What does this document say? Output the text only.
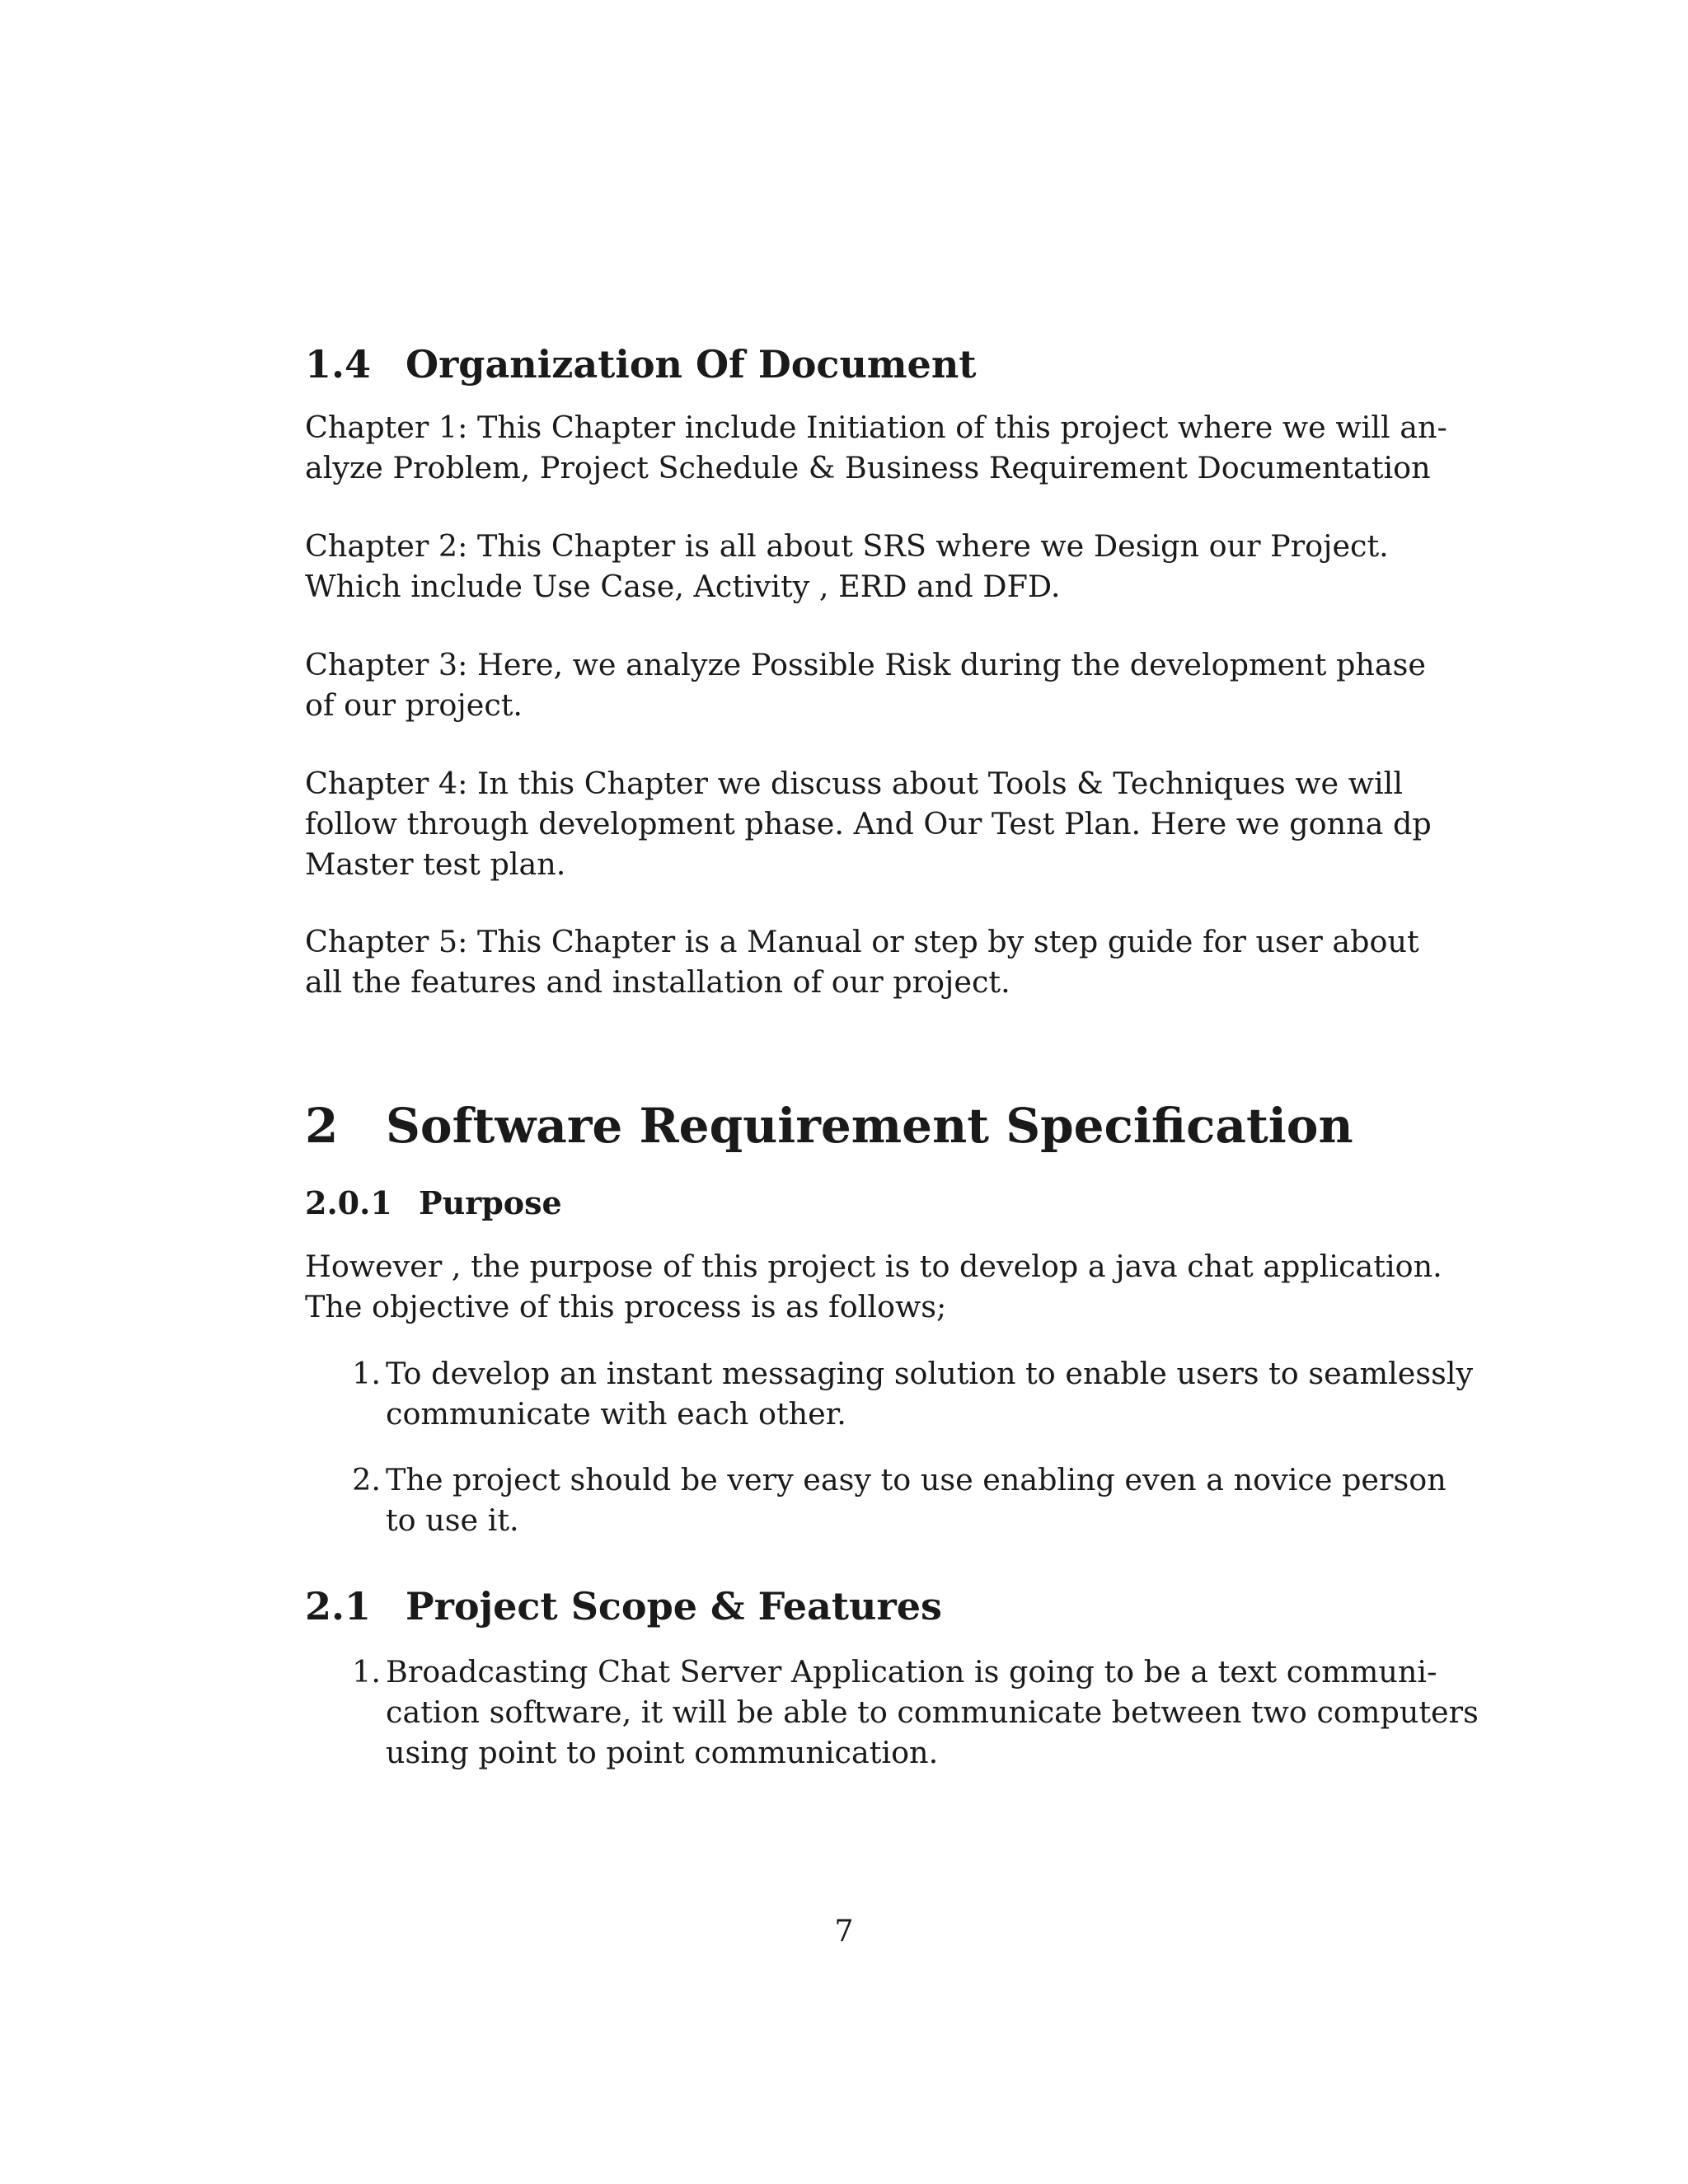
1.4 Organization Of Document

Chapter 1: This Chapter include Initiation of this project where we will an-
alyze Problem, Project Schedule & Business Requirement Documentation

Chapter 2: This Chapter is all about SRS where we Design our Project.
Which include Use Case, Activity , ERD and DFD.

Chapter 3: Here, we analyze Possible Risk during the development phase
of our project.

Chapter 4: In this Chapter we discuss about Tools & Techniques we will
follow through development phase. And Our Test Plan. Here we gonna dp
Master test plan.

Chapter 5: This Chapter is a Manual or step by step guide for user about
all the features and installation of our project.

2 Software Requirement Specification

2.0.1 Purpose

However , the purpose of this project is to develop a java chat application.
The objective of this process is as follows;

1. To develop an instant messaging solution to enable users to seamlessly
communicate with each other.
2. The project should be very easy to use enabling even a novice person
to use it.

2.1 Project Scope & Features

1. Broadcasting Chat Server Application is going to be a text communi-
cation software, it will be able to communicate between two computers
using point to point communication.
7
